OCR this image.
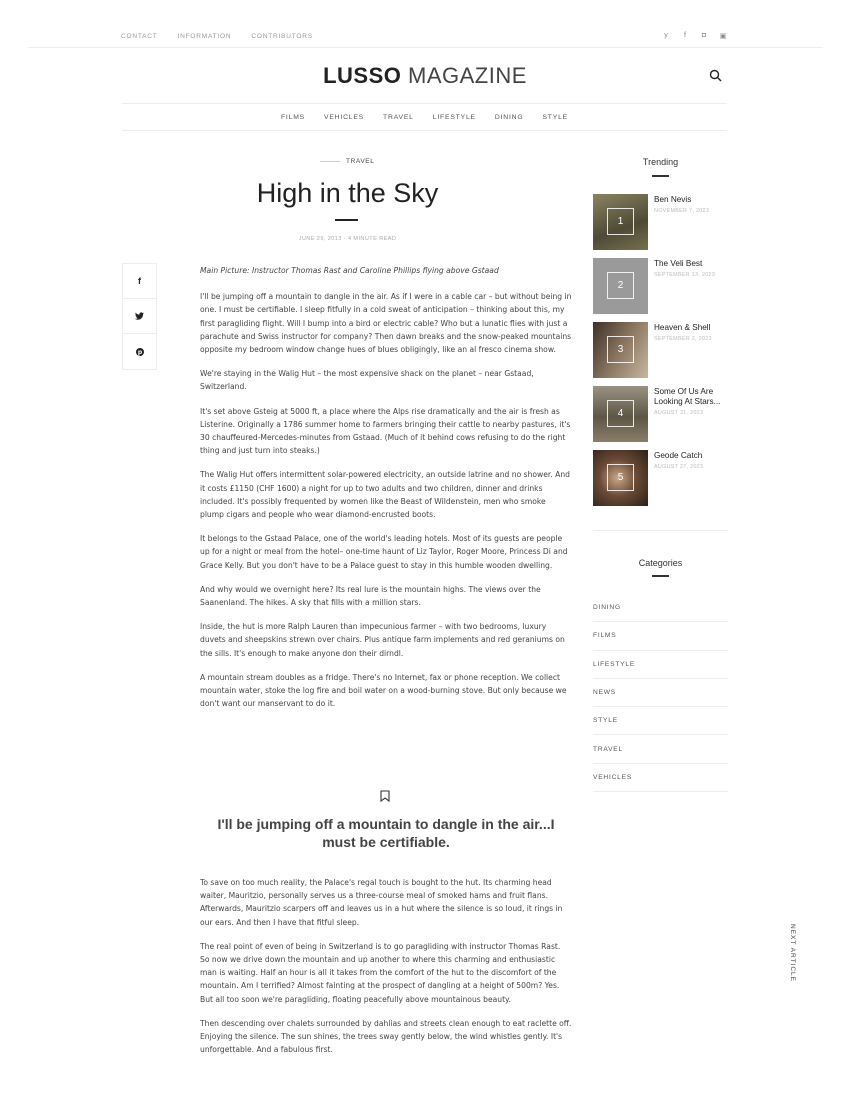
CONTACT	INFORMATION	CONTRIBUTORS	y	f	◘ ▣
LUSSO MAGAZINE
FILMS	VEHICLES	TRAVEL	LIFESTYLE	DINING	STYLE
TRAVEL
High in the Sky
JUNE 29, 2013 · 4 MINUTE READ
f
p

Main Picture: Instructor Thomas Rast and Caroline Phillips flying above Gstaad

I'll be jumping off a mountain to dangle in the air. As if I were in a cable car – but without being in one. I must be certifiable. I sleep fitfully in a cold sweat of anticipation – thinking about this, my first paragliding flight. Will I bump into a bird or electric cable? Who but a lunatic flies with just a parachute and Swiss instructor for company? Then dawn breaks and the snow-peaked mountains opposite my bedroom window change hues of blues obligingly, like an al fresco cinema show.

We're staying in the Walig Hut – the most expensive shack on the planet – near Gstaad, Switzerland.

It's set above Gsteig at 5000 ft, a place where the Alps rise dramatically and the air is fresh as Listerine. Originally a 1786 summer home to farmers bringing their cattle to nearby pastures, it's 30 chauffeured-Mercedes-minutes from Gstaad. (Much of it behind cows refusing to do the right thing and just turn into steaks.)

The Walig Hut offers intermittent solar-powered electricity, an outside latrine and no shower. And it costs £1150 (CHF 1600) a night for up to two adults and two children, dinner and drinks included. It's possibly frequented by women like the Beast of Wildenstein, men who smoke plump cigars and people who wear diamond-encrusted boots.

It belongs to the Gstaad Palace, one of the world's leading hotels. Most of its guests are people up for a night or meal from the hotel– one-time haunt of Liz Taylor, Roger Moore, Princess Di and Grace Kelly. But you don't have to be a Palace guest to stay in this humble wooden dwelling.

And why would we overnight here? Its real lure is the mountain highs. The views over the Saanenland. The hikes. A sky that fills with a million stars.

Inside, the hut is more Ralph Lauren than impecunious farmer – with two bedrooms, luxury duvets and sheepskins strewn over chairs. Plus antique farm implements and red geraniums on the sills. It's enough to make anyone don their dirndl.

A mountain stream doubles as a fridge. There's no Internet, fax or phone reception. We collect mountain water, stoke the log fire and boil water on a wood-burning stove. But only because we don't want our manservant to do it.

I'll be jumping off a mountain to dangle in the air...I must be certifiable.

To save on too much reality, the Palace's regal touch is bought to the hut. Its charming head waiter, Mauritzio, personally serves us a three-course meal of smoked hams and fruit flans. Afterwards, Mauritzio scarpers off and leaves us in a hut where the silence is so loud, it rings in our ears. And then I have that fitful sleep.

The real point of even of being in Switzerland is to go paragliding with instructor Thomas Rast. So now we drive down the mountain and up another to where this charming and enthusiastic man is waiting. Half an hour is all it takes from the comfort of the hut to the discomfort of the mountain. Am I terrified? Almost fainting at the prospect of dangling at a height of 500m? Yes. But all too soon we're paragliding, floating peacefully above mountainous beauty.

Then descending over chalets surrounded by dahlias and streets clean enough to eat raclette off. Enjoying the silence. The sun shines, the trees sway gently below, the wind whistles gently. It's unforgettable. And a fabulous first.

Trending
1
Ben Nevis
NOVEMBER 7, 2023
2
The Veli Best
SEPTEMBER 13, 2023
3
Heaven & Shell
SEPTEMBER 2, 2023
4
Some Of Us Are Looking At Stars...
AUGUST 31, 2023
5
Geode Catch
AUGUST 27, 2023
Categories
DINING
FILMS
LIFESTYLE
NEWS
STYLE
TRAVEL
VEHICLES
NEXT ARTICLE
